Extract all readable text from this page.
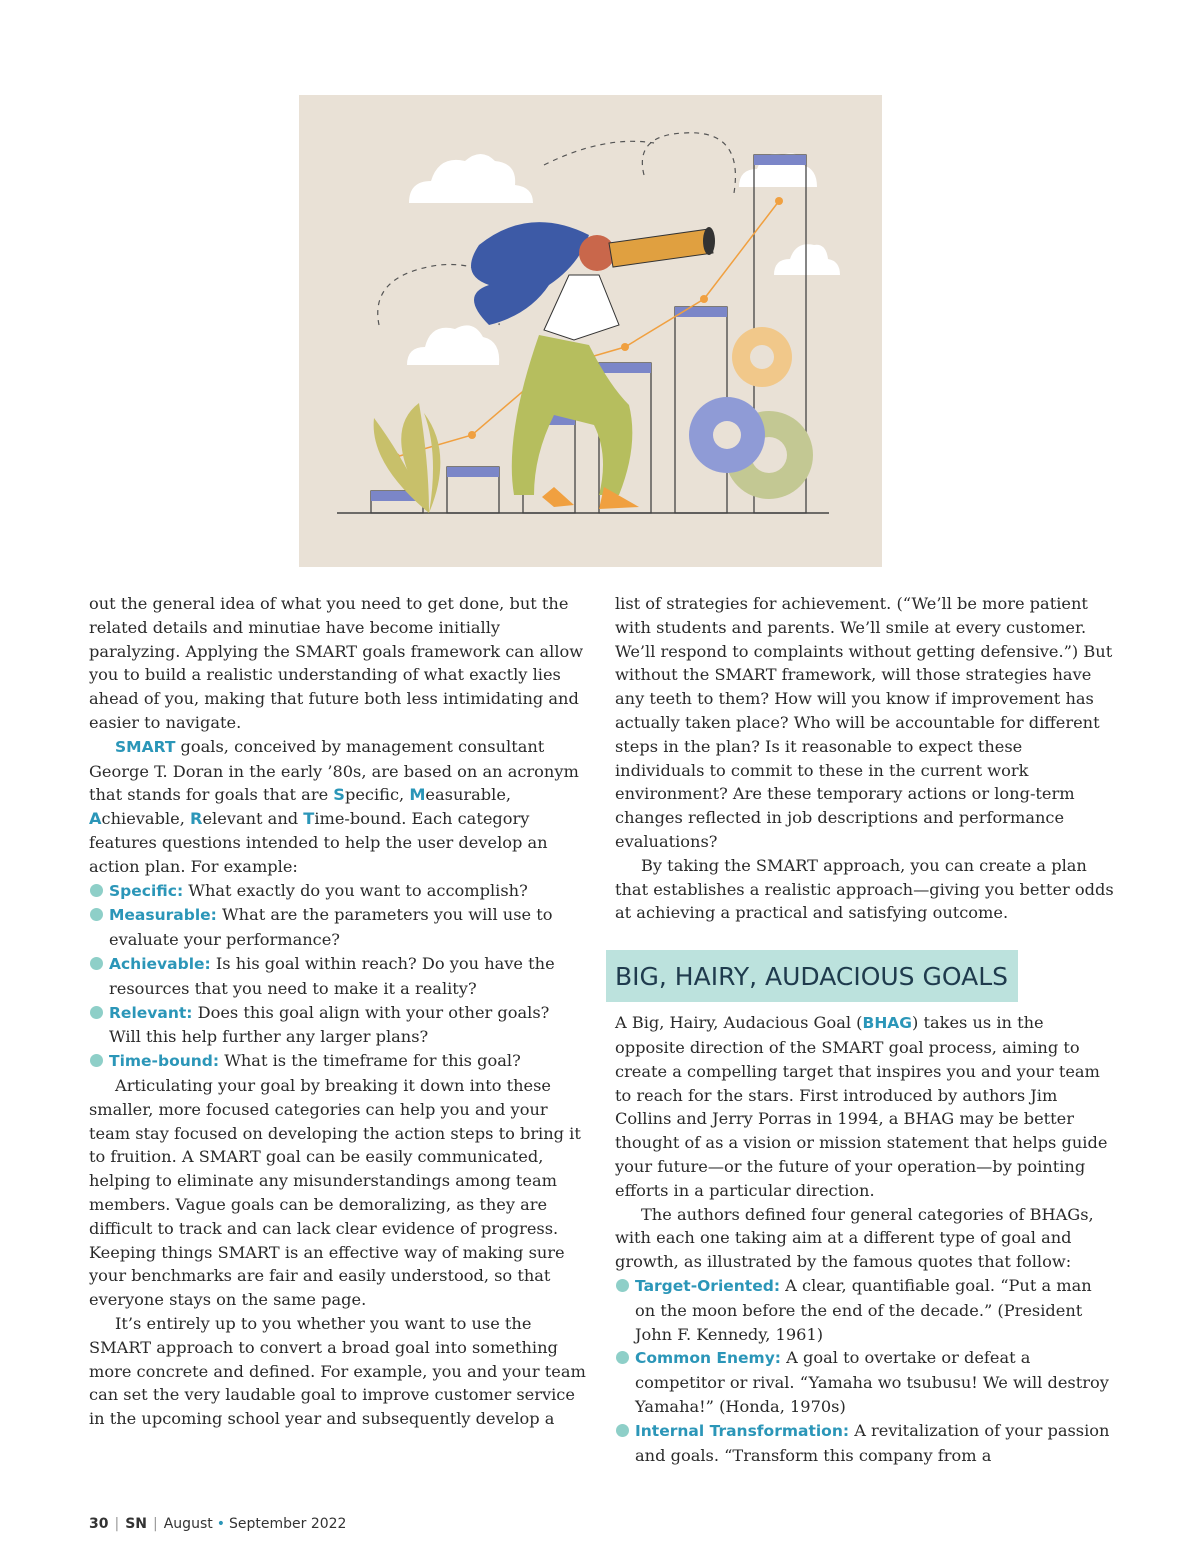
out the general idea of what you need to get done, but the related details and minutiae have become initially paralyzing. Applying the SMART goals framework can allow you to build a realistic understanding of what exactly lies ahead of you, making that future both less intimidating and easier to navigate.

SMART goals, conceived by management consultant George T. Doran in the early ’80s, are based on an acronym that stands for goals that are Specific, Measurable, Achievable, Relevant and Time-bound. Each category features questions intended to help the user develop an action plan. For example:

Specific: What exactly do you want to accomplish?
Measurable: What are the parameters you will use to evaluate your performance?
Achievable: Is his goal within reach? Do you have the resources that you need to make it a reality?
Relevant: Does this goal align with your other goals? Will this help further any larger plans?
Time-bound: What is the timeframe for this goal?

Articulating your goal by breaking it down into these smaller, more focused categories can help you and your team stay focused on developing the action steps to bring it to fruition. A SMART goal can be easily communicated, helping to eliminate any misunderstandings among team members. Vague goals can be demoralizing, as they are difficult to track and can lack clear evidence of progress. Keeping things SMART is an effective way of making sure your benchmarks are fair and easily understood, so that everyone stays on the same page.

It’s entirely up to you whether you want to use the SMART approach to convert a broad goal into something more concrete and defined. For example, you and your team can set the very laudable goal to improve customer service in the upcoming school year and subsequently develop a

list of strategies for achievement. (“We’ll be more patient with students and parents. We’ll smile at every customer. We’ll respond to complaints without getting defensive.”) But without the SMART framework, will those strategies have any teeth to them? How will you know if improvement has actually taken place? Who will be accountable for different steps in the plan? Is it reasonable to expect these individuals to commit to these in the current work environment? Are these temporary actions or long-term changes reflected in job descriptions and performance evaluations?

By taking the SMART approach, you can create a plan that establishes a realistic approach—giving you better odds at achieving a practical and satisfying outcome.

BIG, HAIRY, AUDACIOUS GOALS

A Big, Hairy, Audacious Goal (BHAG) takes us in the opposite direction of the SMART goal process, aiming to create a compelling target that inspires you and your team to reach for the stars. First introduced by authors Jim Collins and Jerry Porras in 1994, a BHAG may be better thought of as a vision or mission statement that helps guide your future—or the future of your operation—by pointing efforts in a particular direction.

The authors defined four general categories of BHAGs, with each one taking aim at a different type of goal and growth, as illustrated by the famous quotes that follow:

Target-Oriented: A clear, quantifiable goal. “Put a man on the moon before the end of the decade.” (President John F. Kennedy, 1961)
Common Enemy: A goal to overtake or defeat a competitor or rival. “Yamaha wo tsubusu! We will destroy Yamaha!” (Honda, 1970s)
Internal Transformation: A revitalization of your passion and goals. “Transform this company from a
30 | SN | August • September 2022
